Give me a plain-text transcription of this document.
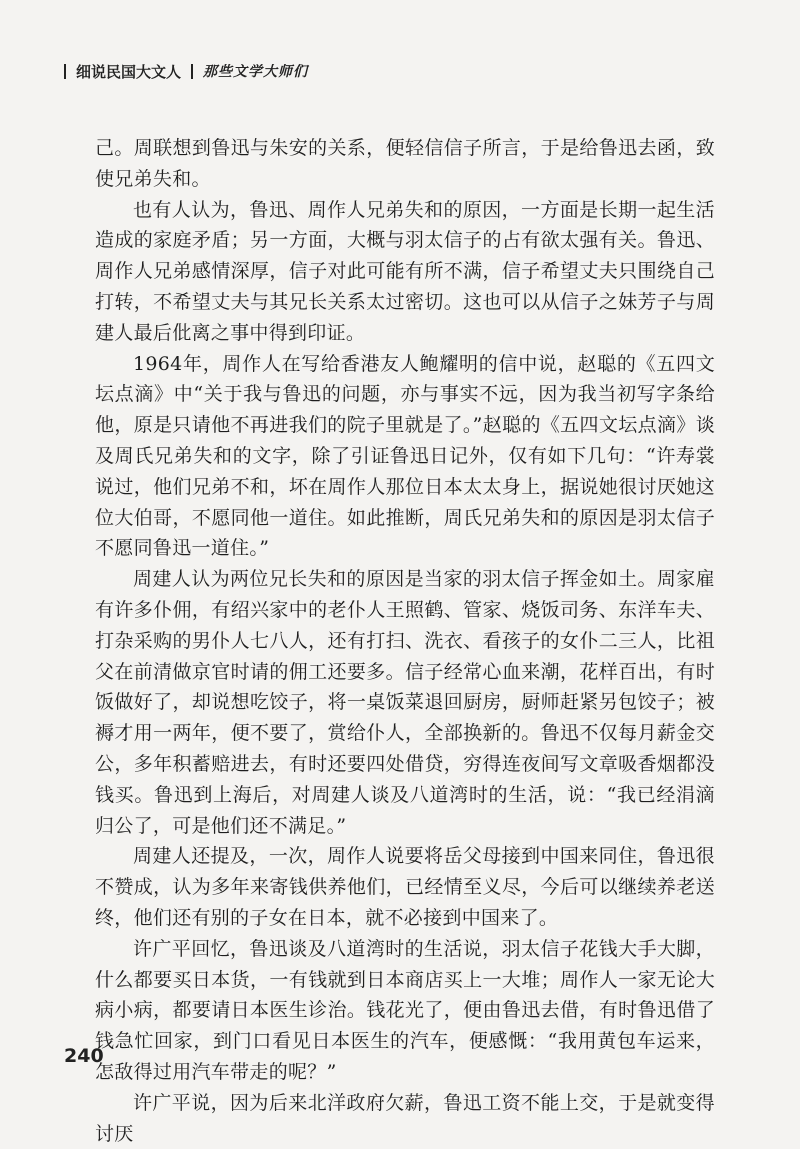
细说民国大文人 那些文学大师们

己。周联想到鲁迅与朱安的关系，便轻信信子所言，于是给鲁迅去函，致使兄弟失和。

也有人认为，鲁迅、周作人兄弟失和的原因，一方面是长期一起生活造成的家庭矛盾；另一方面，大概与羽太信子的占有欲太强有关。鲁迅、周作人兄弟感情深厚，信子对此可能有所不满，信子希望丈夫只围绕自己打转，不希望丈夫与其兄长关系太过密切。这也可以从信子之妹芳子与周建人最后仳离之事中得到印证。

1964年，周作人在写给香港友人鲍耀明的信中说，赵聪的《五四文坛点滴》中“关于我与鲁迅的问题，亦与事实不远，因为我当初写字条给他，原是只请他不再进我们的院子里就是了。”赵聪的《五四文坛点滴》谈及周氏兄弟失和的文字，除了引证鲁迅日记外，仅有如下几句：“许寿裳说过，他们兄弟不和，坏在周作人那位日本太太身上，据说她很讨厌她这位大伯哥，不愿同他一道住。如此推断，周氏兄弟失和的原因是羽太信子不愿同鲁迅一道住。”

周建人认为两位兄长失和的原因是当家的羽太信子挥金如土。周家雇有许多仆佣，有绍兴家中的老仆人王照鹤、管家、烧饭司务、东洋车夫、打杂采购的男仆人七八人，还有打扫、洗衣、看孩子的女仆二三人，比祖父在前清做京官时请的佣工还要多。信子经常心血来潮，花样百出，有时饭做好了，却说想吃饺子，将一桌饭菜退回厨房，厨师赶紧另包饺子；被褥才用一两年，便不要了，赏给仆人，全部换新的。鲁迅不仅每月薪金交公，多年积蓄赔进去，有时还要四处借贷，穷得连夜间写文章吸香烟都没钱买。鲁迅到上海后，对周建人谈及八道湾时的生活，说：“我已经涓滴归公了，可是他们还不满足。”

周建人还提及，一次，周作人说要将岳父母接到中国来同住，鲁迅很不赞成，认为多年来寄钱供养他们，已经情至义尽，今后可以继续养老送终，他们还有别的子女在日本，就不必接到中国来了。

许广平回忆，鲁迅谈及八道湾时的生活说，羽太信子花钱大手大脚，什么都要买日本货，一有钱就到日本商店买上一大堆；周作人一家无论大病小病，都要请日本医生诊治。钱花光了，便由鲁迅去借，有时鲁迅借了钱急忙回家，到门口看见日本医生的汽车，便感慨：“我用黄包车运来，怎敌得过用汽车带走的呢？”

许广平说，因为后来北洋政府欠薪，鲁迅工资不能上交，于是就变得讨厌

240
